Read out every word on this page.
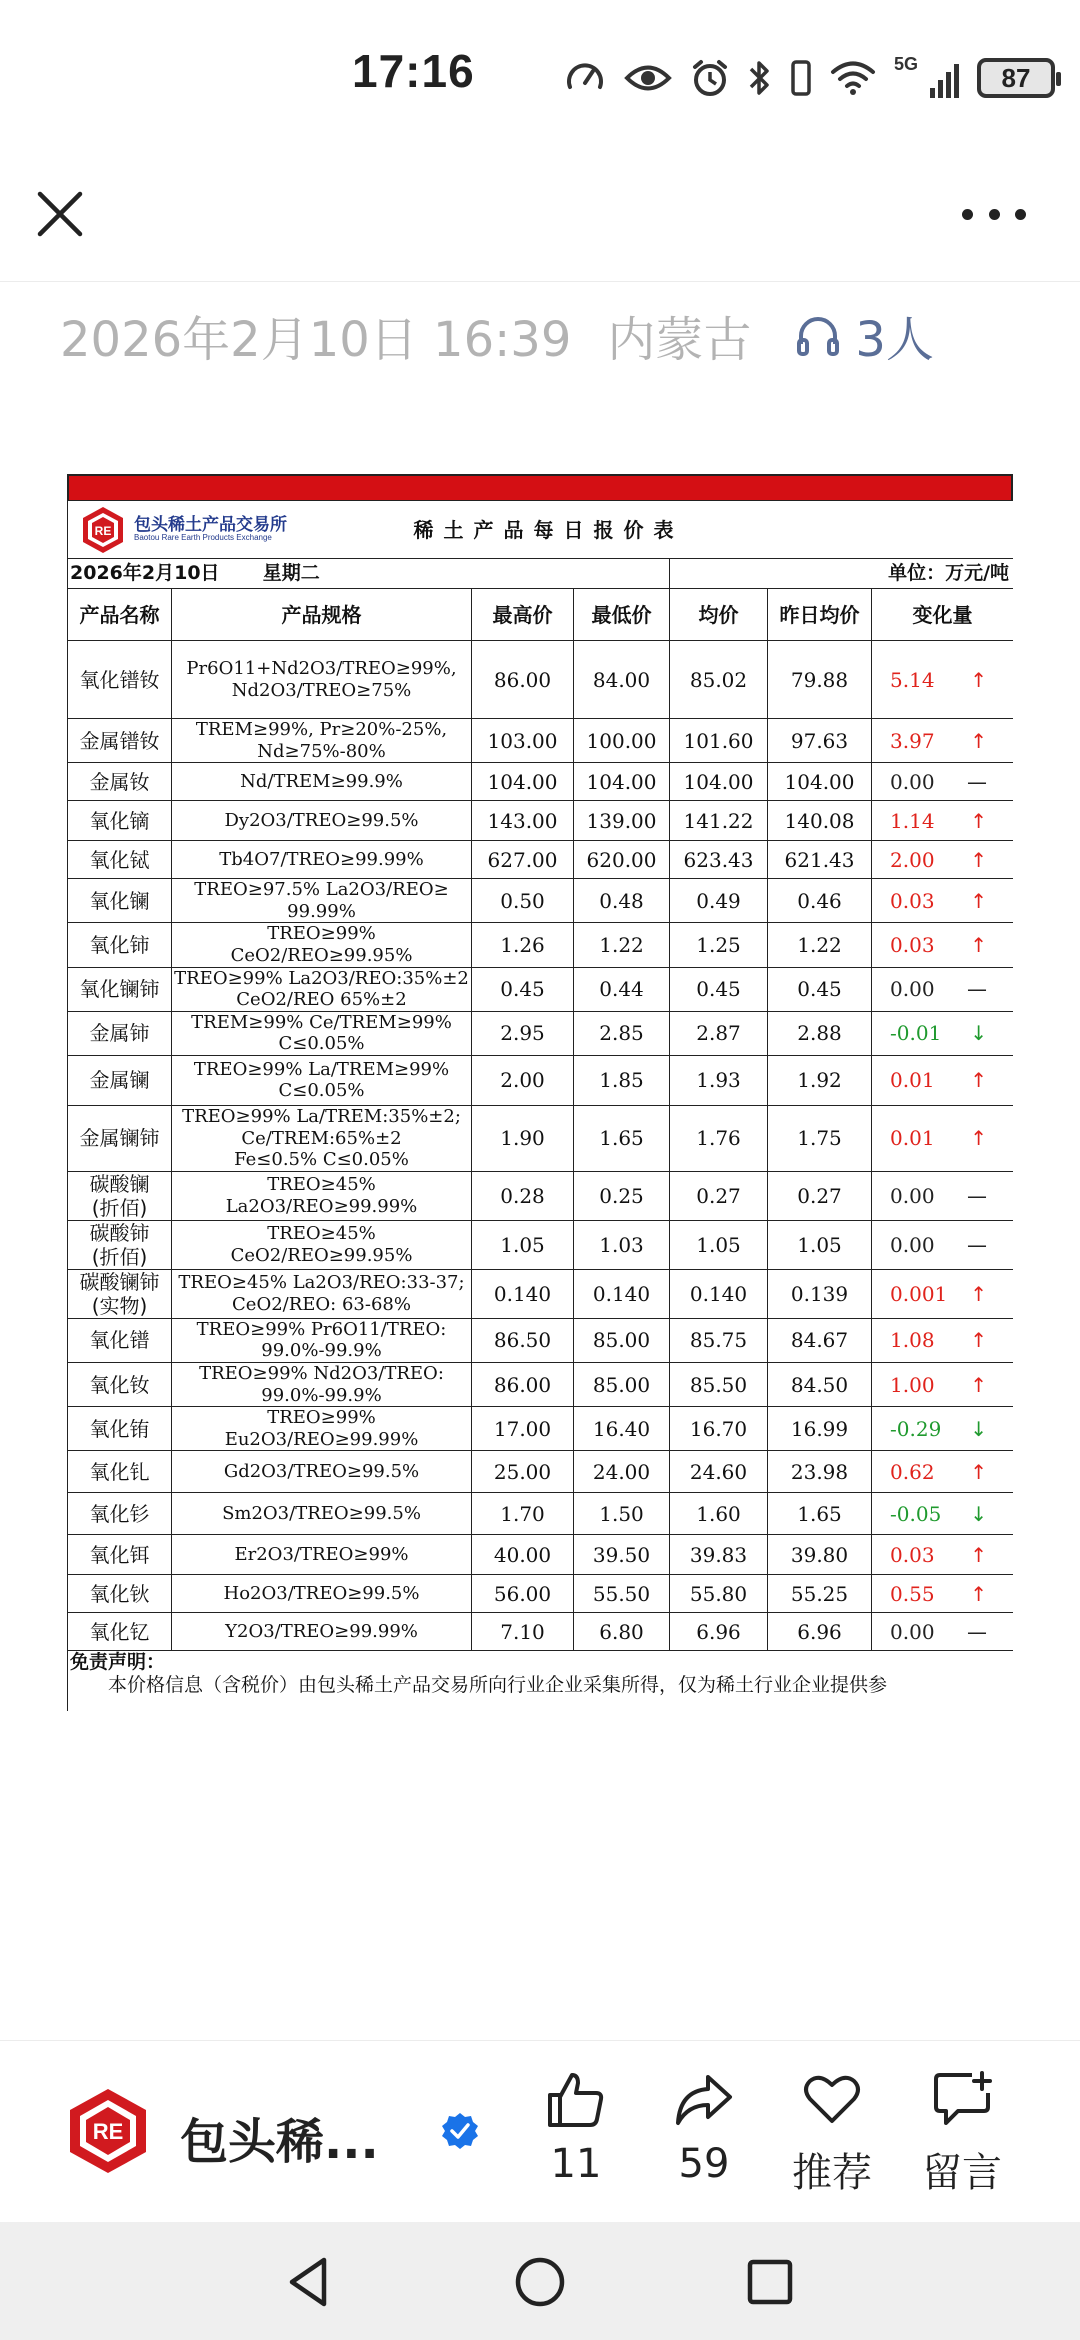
17:16	5G	87
2026年2月10日 16:39 内蒙古 3人
RE 包头稀土产品交易所
Baotou Rare Earth Products Exchange			稀土产品每日报价表			
2026年2月10日 星期二				单位：万元/吨		
产品名称	产品规格	最高价	最低价	均价	昨日均价	变化量
氧化镨钕	Pr6O11+Nd2O3/TREO≥99%,
Nd2O3/TREO≥75%	86.00	84.00	85.02	79.88	5.14 ↑

金属镨钕	TREM≥99%, Pr≥20%-25%,
Nd≥75%-80%	103.00	100.00	101.60	97.63	3.97 ↑

金属钕	Nd/TREM≥99.9%	104.00	104.00	104.00	104.00	0.00 —

氧化镝	Dy2O3/TREO≥99.5%	143.00	139.00	141.22	140.08	1.14 ↑

氧化铽	Tb4O7/TREO≥99.99%	627.00	620.00	623.43	621.43	2.00 ↑

氧化镧	TREO≥97.5% La2O3/REO≥
99.99%	0.50	0.48	0.49	0.46	0.03 ↑

氧化铈	TREO≥99% CeO2/REO≥99.95%	1.26	1.22	1.25	1.22	0.03 ↑

氧化镧铈	TREO≥99% La2O3/REO:35%±2
CeO2/REO 65%±2	0.45	0.44	0.45	0.45	0.00 —

金属铈	TREM≥99% Ce/TREM≥99%
C≤0.05%	2.95	2.85	2.87	2.88	-0.01 ↓

金属镧	TREO≥99% La/TREM≥99%
C≤0.05%	2.00	1.85	1.93	1.92	0.01 ↑

金属镧铈	TREO≥99% La/TREM:35%±2;
Ce/TREM:65%±2
Fe≤0.5% C≤0.05%	1.90	1.65	1.76	1.75	0.01 ↑

碳酸镧
(折佰)	TREO≥45% La2O3/REO≥99.99%	0.28	0.25	0.27	0.27	0.00 —

碳酸铈
(折佰)	TREO≥45% CeO2/REO≥99.95%	1.05	1.03	1.05	1.05	0.00 —

碳酸镧铈
(实物)	TREO≥45% La2O3/REO:33-37;
CeO2/REO: 63-68%	0.140	0.140	0.140	0.139	0.001 ↑

氧化镨	TREO≥99% Pr6O11/TREO:
99.0%-99.9%	86.50	85.00	85.75	84.67	1.08 ↑

氧化钕	TREO≥99% Nd2O3/TREO:
99.0%-99.9%	86.00	85.00	85.50	84.50	1.00 ↑

氧化铕	TREO≥99% Eu2O3/REO≥99.99%	17.00	16.40	16.70	16.99	-0.29 ↓

氧化钆	Gd2O3/TREO≥99.5%	25.00	24.00	24.60	23.98	0.62 ↑

氧化钐	Sm2O3/TREO≥99.5%	1.70	1.50	1.60	1.65	-0.05 ↓

氧化铒	Er2O3/TREO≥99%	40.00	39.50	39.83	39.80	0.03 ↑

氧化钬	Ho2O3/TREO≥99.5%	56.00	55.50	55.80	55.25	0.55 ↑

氧化钇	Y2O3/TREO≥99.99%	7.10	6.80	6.96	6.96	0.00 —

免责声明：
本价格信息（含税价）由包头稀土产品交易所向行业企业采集所得，仅为稀土行业企业提供参						
RE 包头稀...	11	59	推荐	留言
